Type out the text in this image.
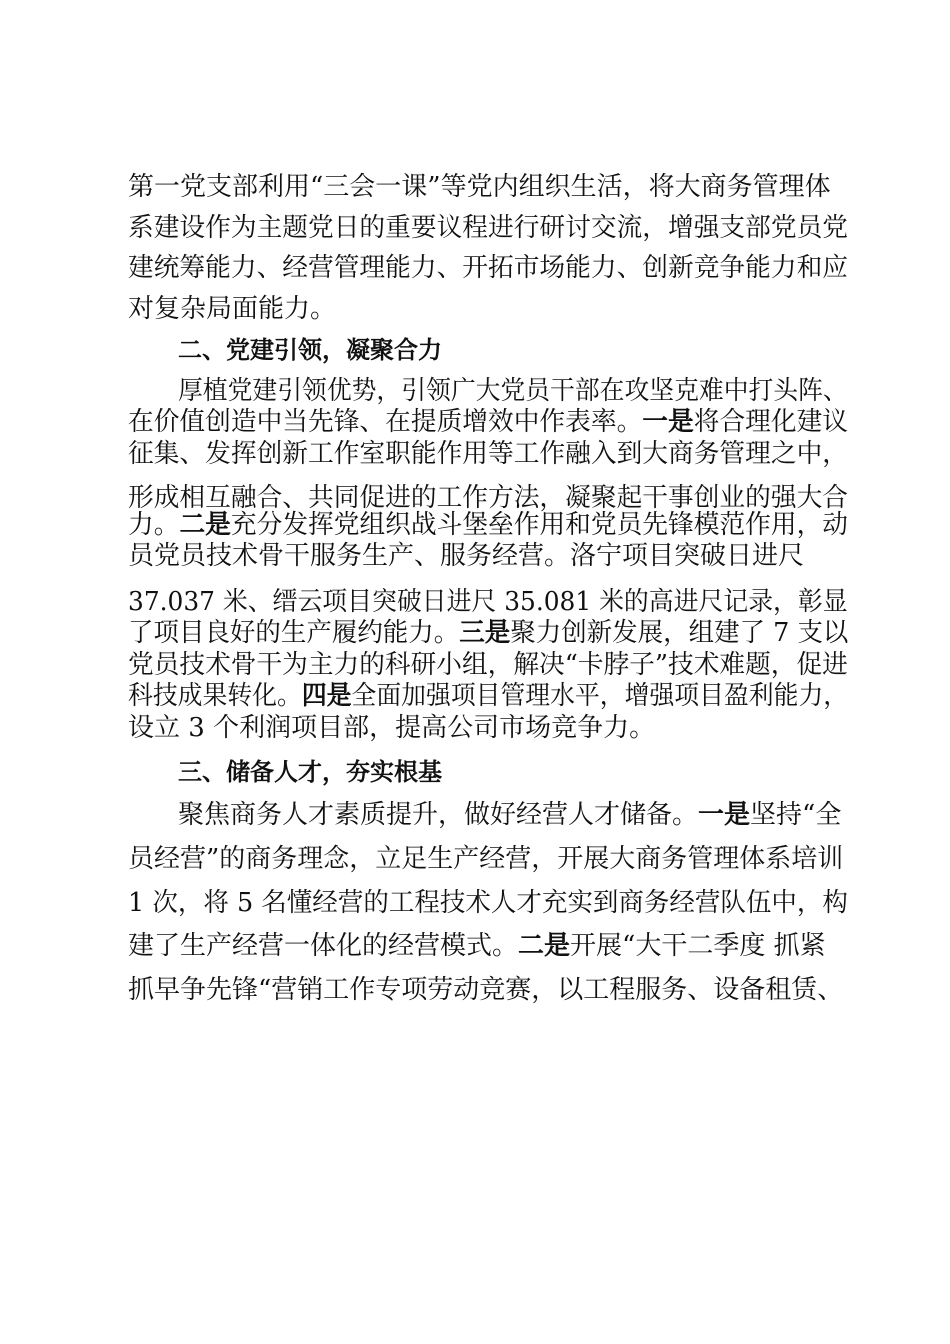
第一党支部利用“三会一课”等党内组织生活，将大商务管理体
系建设作为主题党日的重要议程进行研讨交流，增强支部党员党
建统筹能力、经营管理能力、开拓市场能力、创新竞争能力和应
对复杂局面能力。
二、党建引领，凝聚合力
厚植党建引领优势，引领广大党员干部在攻坚克难中打头阵、
在价值创造中当先锋、在提质增效中作表率。一是将合理化建议
征集、发挥创新工作室职能作用等工作融入到大商务管理之中，
形成相互融合、共同促进的工作方法，凝聚起干事创业的强大合
力。二是充分发挥党组织战斗堡垒作用和党员先锋模范作用，动
员党员技术骨干服务生产、服务经营。洛宁项目突破日进尺
37.037 米、缙云项目突破日进尺 35.081 米的高进尺记录，彰显
了项目良好的生产履约能力。三是聚力创新发展，组建了 7 支以
党员技术骨干为主力的科研小组，解决“卡脖子”技术难题，促进
科技成果转化。四是全面加强项目管理水平，增强项目盈利能力，
设立 3 个利润项目部，提高公司市场竞争力。
三、储备人才，夯实根基
聚焦商务人才素质提升，做好经营人才储备。一是坚持“全
员经营”的商务理念，立足生产经营，开展大商务管理体系培训
1 次，将 5 名懂经营的工程技术人才充实到商务经营队伍中，构
建了生产经营一体化的经营模式。二是开展“大干二季度 抓紧
抓早争先锋“营销工作专项劳动竞赛，以工程服务、设备租赁、
